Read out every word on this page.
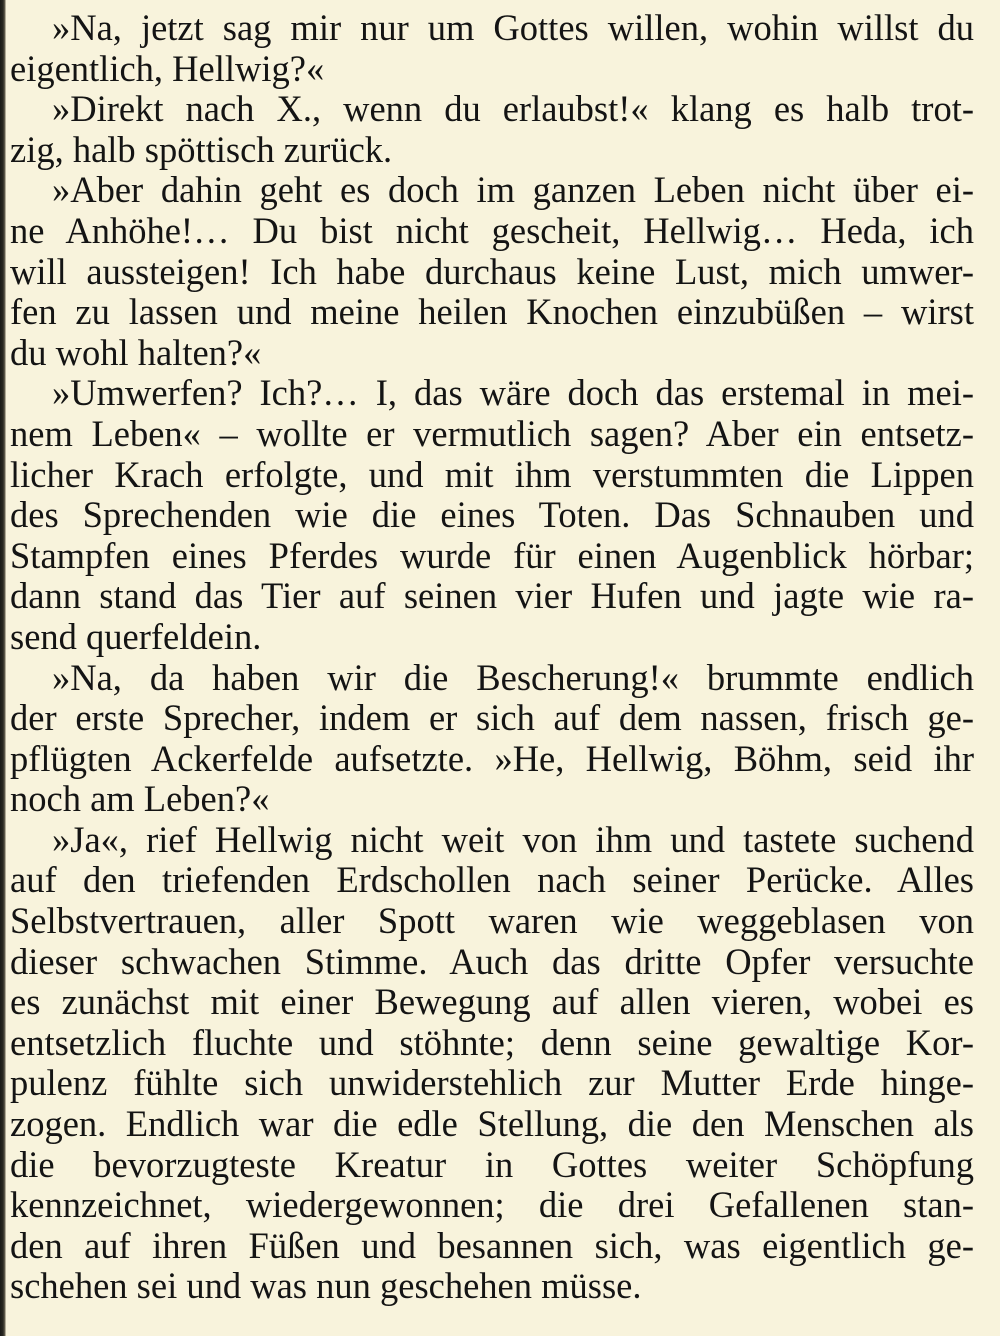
»Na, jetzt sag mir nur um Gottes willen, wohin willst du
eigentlich, Hellwig?«
»Direkt nach X., wenn du erlaubst!« klang es halb trot-
zig, halb spöttisch zurück.
»Aber dahin geht es doch im ganzen Leben nicht über ei-
ne Anhöhe!… Du bist nicht gescheit, Hellwig… Heda, ich
will aussteigen! Ich habe durchaus keine Lust, mich umwer-
fen zu lassen und meine heilen Knochen einzubüßen – wirst
du wohl halten?«
»Umwerfen? Ich?… I, das wäre doch das erstemal in mei-
nem Leben« – wollte er vermutlich sagen? Aber ein entsetz-
licher Krach erfolgte, und mit ihm verstummten die Lippen
des Sprechenden wie die eines Toten. Das Schnauben und
Stampfen eines Pferdes wurde für einen Augenblick hörbar;
dann stand das Tier auf seinen vier Hufen und jagte wie ra-
send querfeldein.
»Na, da haben wir die Bescherung!« brummte endlich
der erste Sprecher, indem er sich auf dem nassen, frisch ge-
pflügten Ackerfelde aufsetzte. »He, Hellwig, Böhm, seid ihr
noch am Leben?«
»Ja«, rief Hellwig nicht weit von ihm und tastete suchend
auf den triefenden Erdschollen nach seiner Perücke. Alles
Selbstvertrauen, aller Spott waren wie weggeblasen von
dieser schwachen Stimme. Auch das dritte Opfer versuchte
es zunächst mit einer Bewegung auf allen vieren, wobei es
entsetzlich fluchte und stöhnte; denn seine gewaltige Kor-
pulenz fühlte sich unwiderstehlich zur Mutter Erde hinge-
zogen. Endlich war die edle Stellung, die den Menschen als
die bevorzugteste Kreatur in Gottes weiter Schöpfung
kennzeichnet, wiedergewonnen; die drei Gefallenen stan-
den auf ihren Füßen und besannen sich, was eigentlich ge-
schehen sei und was nun geschehen müsse.
